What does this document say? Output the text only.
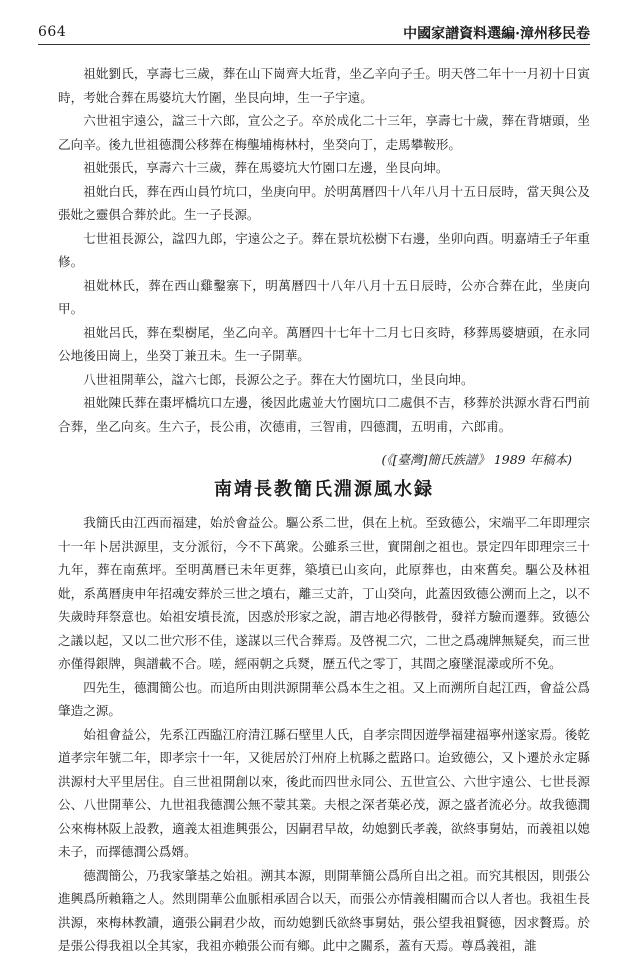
664	中國家譜資料選編·漳州移民卷

祖妣劉氏，享壽七三歲，葬在山下崗齊大坵背，坐乙辛向子壬。明天啓二年十一月初十日寅時，考妣合葬在馬婆坑大竹圍，坐艮向坤，生一子宇遠。

六世祖宇遠公，諡三十六郎，宣公之子。卒於成化二十三年，享壽七十歲，葬在背塘頭，坐乙向辛。後九世祖德潤公移葬在梅壟埔梅林村，坐癸向丁，走馬攀鞍形。

祖妣張氏，享壽六十三歲，葬在馬婆坑大竹園口左邊，坐艮向坤。

祖妣白氏，葬在西山員竹坑口，坐庚向甲。於明萬曆四十八年八月十五日辰時，當天與公及張妣之靈俱合葬於此。生一子長源。

七世祖長源公，諡四九郎，宇遠公之子。葬在景坑松樹下右邊，坐卯向酉。明嘉靖壬子年重修。

祖妣林氏，葬在西山雞鑿寨下，明萬曆四十八年八月十五日辰時，公亦合葬在此，坐庚向甲。

祖妣呂氏，葬在梨樹尾，坐乙向辛。萬曆四十七年十二月七日亥時，移葬馬婆塘頭，在永同公地後田崗上，坐癸丁兼丑未。生一子開華。

八世祖開華公，諡六七郎，長源公之子。葬在大竹園坑口，坐艮向坤。

祖妣陳氏葬在棗坪橋坑口左邊，後因此處並大竹園坑口二處俱不吉，移葬於洪源水背石門前合葬，坐乙向亥。生六子，長公甫，次德甫，三智甫，四德潤，五明甫，六郎甫。

(《[臺灣]簡氏族譜》 1989 年稿本)
南靖長教簡氏淵源風水録

我簡氏由江西而福建，始於會益公。驅公系二世，俱在上杭。至致德公，宋端平二年即理宗十一年卜居洪源里，支分派衍，今不下萬衆。公雖系三世，實開創之祖也。景定四年即理宗三十九年，葬在南蕉坪。至明萬曆已未年更葬，築墳已山亥向，此原葬也，由來舊矣。驅公及林祖妣，系萬曆庚申年招魂安葬於三世之墳右，離三丈許，丁山癸向，此蓋因致德公溯而上之，以不失歲時拜祭意也。始祖安墳長流，因惑於形家之說，謂吉地必得骸骨，發祥方驗而遷葬。致德公之議以起，又以二世穴形不佳，遂謀以三代合葬焉。及啓視二穴，二世之爲魂牌無疑矣，而三世亦僅得銀牌，與譜載不合。嗟，經兩朝之兵燹，歷五代之零丁，其間之廢墜混濛或所不免。

四先生，德潤簡公也。而追所由則洪源開華公爲本生之祖。又上而溯所自起江西，會益公爲肇造之源。

始祖會益公，先系江西臨江府清江縣石壁里人氏，自孝宗問因遊學福建福寧州遂家焉。後乾道孝宗年號二年，即孝宗十一年，又徙居於汀州府上杭縣之藍路口。迨致德公，又卜遷於永定縣洪源村大平里居住。自三世祖開創以來，後此而四世永同公、五世宣公、六世宇遠公、七世長源公、八世開華公、九世祖我德潤公無不蒙其業。夫根之深者葉必茂，源之盛者流必分。故我德潤公來梅林阪上設教，適義太祖進興張公，因嗣君早故，幼媳劉氏孝義，欲終事舅姑，而義祖以媳未子，而擇德潤公爲婿。

德潤簡公，乃我家肇基之始祖。溯其本源，則開華簡公爲所自出之祖。而究其根因，則張公進興爲所賴籍之人。然則開華公血脈相承固合以天，而張公亦情義相關而合以人者也。我祖生長洪源，來梅林教讀，適張公嗣君少故，而幼媳劉氏欲終事舅姑，張公望我祖賢德，因求贅焉。於是張公得我祖以全其家，我祖亦賴張公而有鄉。此中之關系，蓋有天焉。尊爲義祖，誰
